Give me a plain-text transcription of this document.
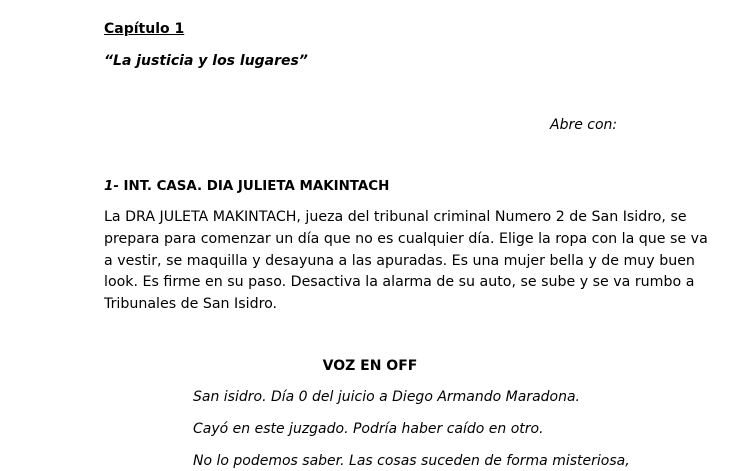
Capítulo 1
“La justicia y los lugares”
Abre con:
1- INT. CASA. DIA JULIETA MAKINTACH
La DRA JULETA MAKINTACH, jueza del tribunal criminal Numero 2 de San Isidro, se
prepara para comenzar un día que no es cualquier día. Elige la ropa con la que se va
a vestir, se maquilla y desayuna a las apuradas. Es una mujer bella y de muy buen
look. Es firme en su paso. Desactiva la alarma de su auto, se sube y se va rumbo a
Tribunales de San Isidro.
VOZ EN OFF
San isidro. Día 0 del juicio a Diego Armando Maradona.
Cayó en este juzgado. Podría haber caído en otro.
No lo podemos saber. Las cosas suceden de forma misteriosa,
